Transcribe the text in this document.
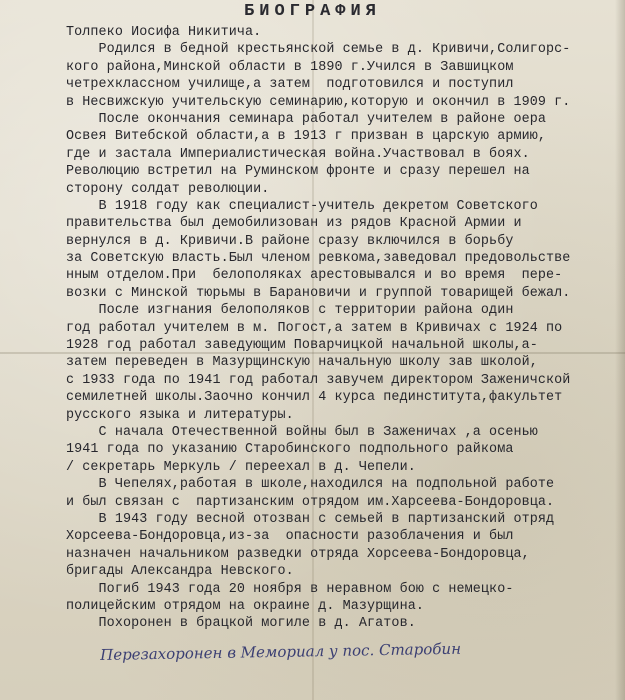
БИОГРАФИЯ
Толпеко Иосифа Никитича.
Родился в бедной крестьянской семье в д. Кривичи,Солигорс-
кого района,Минской области в 1890 г.Учился в Завшицком
четрехклассном училище,а затем  подготовился и поступил
в Несвижскую учительскую семинарию,которую и окончил в 1909 г.
После окончания семинара работал учителем в районе оера
Освея Витебской области,а в 1913 г призван в царскую армию,
где и застала Империалистическая война.Участвовал в боях.
Революцию встретил на Руминском фронте и сразу перешел на
сторону солдат революции.
В 1918 году как специалист-учитель декретом Советского
правительства был демобилизован из рядов Красной Армии и
вернулся в д. Кривичи.В районе сразу включился в борьбу
за Советскую власть.Был членом ревкома,заведовал предовольстве
нным отделом.При  белополяках арестовывался и во время  пере-
возки с Минской тюрьмы в Барановичи и группой товарищей бежал.
После изгнания белополяков с территории района один
год работал учителем в м. Погост,а затем в Кривичах с 1924 по
1928 год работал заведующим Поварчицкой начальной школы,а-
затем переведен в Мазурщинскую начальную школу зав школой,
с 1933 года по 1941 год работал завучем директором Заженичской
семилетней школы.Заочно кончил 4 курса пединститута,факультет
русского языка и литературы.
С начала Отечественной войны был в Заженичах ,а осенью
1941 года по указанию Старобинского подпольного райкома
/ секретарь Меркуль / переехал в д. Чепели.
В Чепелях,работая в школе,находился на подпольной работе
и был связан с  партизанским отрядом им.Харсеева-Бондоровца.
В 1943 году весной отозван с семьей в партизанский отряд
Хорсеева-Бондоровца,из-за  опасности разоблачения и был
назначен начальником разведки отряда Хорсеева-Бондоровца,
бригады Александра Невского.
Погиб 1943 года 20 ноября в неравном бою с немецко-
полицейским отрядом на окраине д. Мазурщина.
Похоронен в брацкой могиле в д. Агатов.
Перезахоронен в Мемориал у пос. Старобин
